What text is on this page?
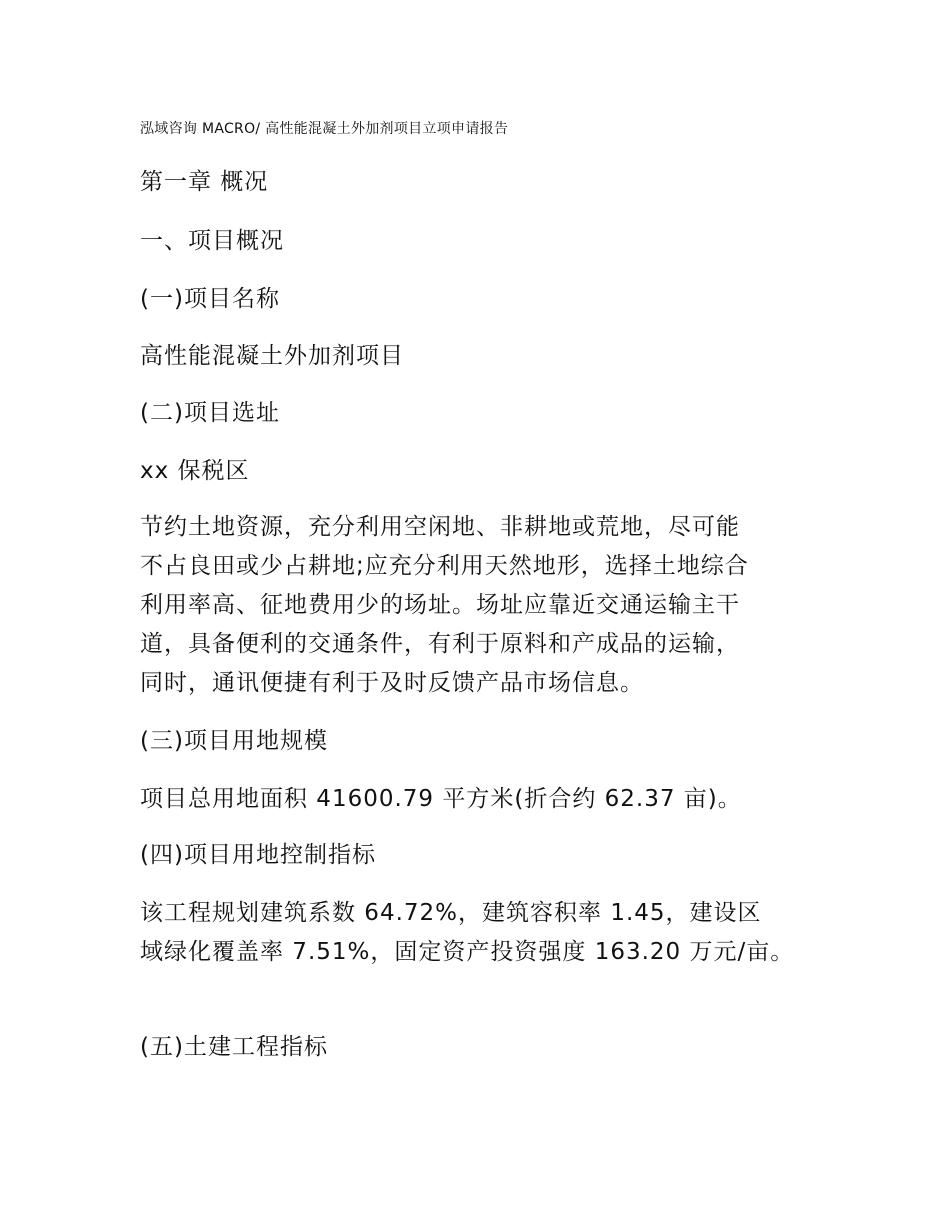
泓域咨询 MACRO/ 高性能混凝土外加剂项目立项申请报告
第一章 概况
一、项目概况
(一)项目名称
高性能混凝土外加剂项目
(二)项目选址
xx 保税区
节约土地资源，充分利用空闲地、非耕地或荒地，尽可能
不占良田或少占耕地;应充分利用天然地形，选择土地综合
利用率高、征地费用少的场址。场址应靠近交通运输主干
道，具备便利的交通条件，有利于原料和产成品的运输，
同时，通讯便捷有利于及时反馈产品市场信息。
(三)项目用地规模
项目总用地面积 41600.79 平方米(折合约 62.37 亩)。
(四)项目用地控制指标
该工程规划建筑系数 64.72%，建筑容积率 1.45，建设区
域绿化覆盖率 7.51%，固定资产投资强度 163.20 万元/亩。
(五)土建工程指标
